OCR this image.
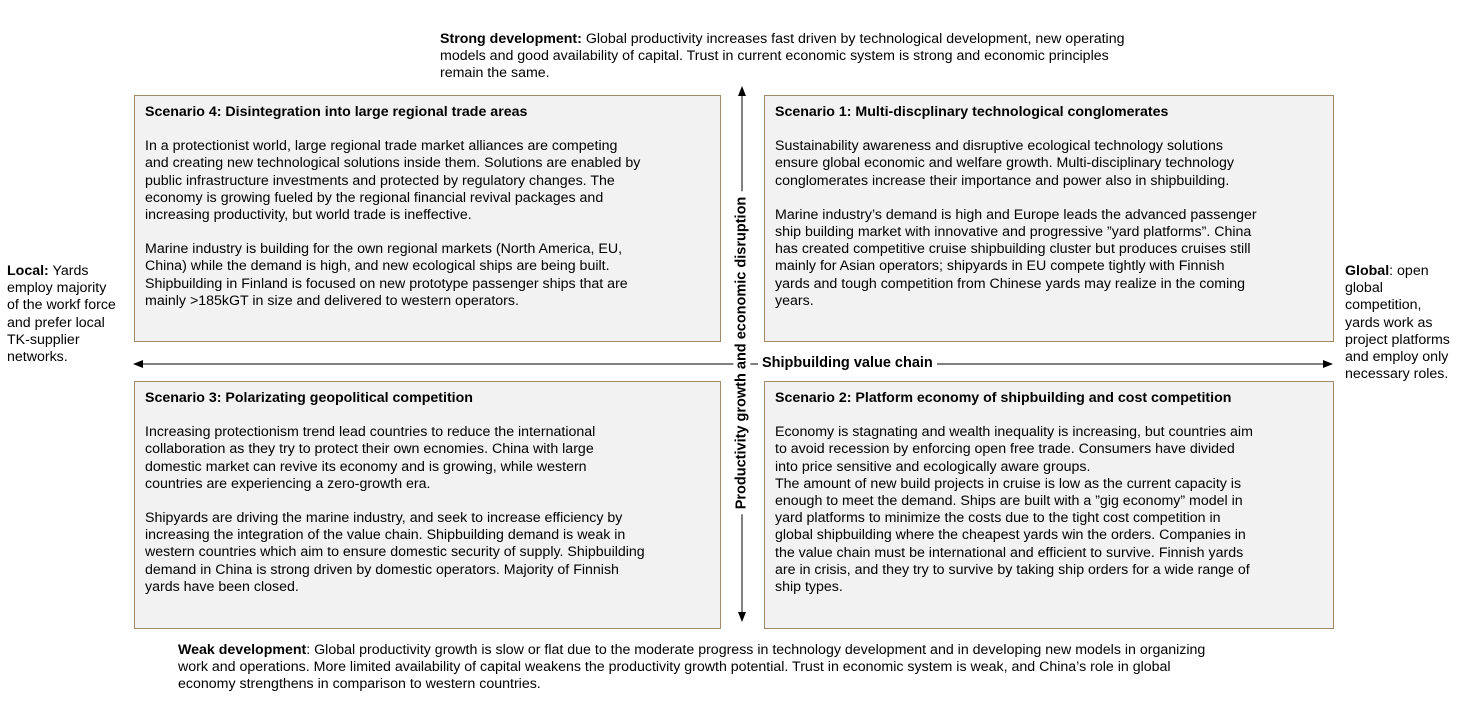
Strong development: Global productivity increases fast driven by technological development, new operating
models and good availability of capital. Trust in current economic system is strong and economic principles
remain the same.
Local: Yards
employ majority
of the workf force
and prefer local
TK-supplier
networks.
Global: open
global
competition,
yards work as
project platforms
and employ only
necessary roles.
Scenario 4: Disintegration into large regional trade areas
In a protectionist world, large regional trade market alliances are competing
and creating new technological solutions inside them. Solutions are enabled by
public infrastructure investments and protected by regulatory changes. The
economy is growing fueled by the regional financial revival packages and
increasing productivity, but world trade is ineffective.
Marine industry is building for the own regional markets (North America, EU,
China) while the demand is high, and new ecological ships are being built.
Shipbuilding in Finland is focused on new prototype passenger ships that are
mainly >185kGT in size and delivered to western operators.
Scenario 1: Multi-discplinary technological conglomerates
Sustainability awareness and disruptive ecological technology solutions
ensure global economic and welfare growth. Multi-disciplinary technology
conglomerates increase their importance and power also in shipbuilding.
Marine industry’s demand is high and Europe leads the advanced passenger
ship building market with innovative and progressive ”yard platforms”. China
has created competitive cruise shipbuilding cluster but produces cruises still
mainly for Asian operators; shipyards in EU compete tightly with Finnish
yards and tough competition from Chinese yards may realize in the coming
years.
Scenario 3: Polarizating geopolitical competition
Increasing protectionism trend lead countries to reduce the international
collaboration as they try to protect their own ecnomies. China with large
domestic market can revive its economy and is growing, while western
countries are experiencing a zero-growth era.
Shipyards are driving the marine industry, and seek to increase efficiency by
increasing the integration of the value chain. Shipbuilding demand is weak in
western countries which aim to ensure domestic security of supply. Shipbuilding
demand in China is strong driven by domestic operators. Majority of Finnish
yards have been closed.
Scenario 2: Platform economy of shipbuilding and cost competition
Economy is stagnating and wealth inequality is increasing, but countries aim
to avoid recession by enforcing open free trade. Consumers have divided
into price sensitive and ecologically aware groups.
The amount of new build projects in cruise is low as the current capacity is
enough to meet the demand. Ships are built with a ”gig economy” model in
yard platforms to minimize the costs due to the tight cost competition in
global shipbuilding where the cheapest yards win the orders. Companies in
the value chain must be international and efficient to survive. Finnish yards
are in crisis, and they try to survive by taking ship orders for a wide range of
ship types.
Productivity growth and economic disruption Shipbuilding value chain
Weak development: Global productivity growth is slow or flat due to the moderate progress in technology development and in developing new models in organizing
work and operations. More limited availability of capital weakens the productivity growth potential. Trust in economic system is weak, and China’s role in global
economy strengthens in comparison to western countries.
